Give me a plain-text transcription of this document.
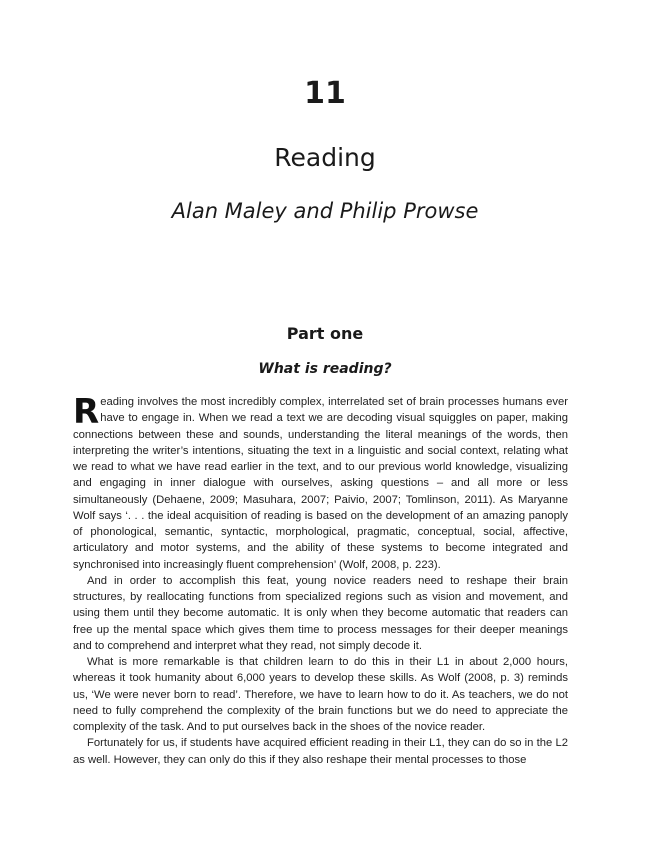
11
Reading
Alan Maley and Philip Prowse
Part one
What is reading?

Reading involves the most incredibly complex, interrelated set of brain processes humans ever have to engage in. When we read a text we are decoding visual squiggles on paper, making connections between these and sounds, understanding the literal meanings of the words, then interpreting the writer’s intentions, situating the text in a linguistic and social context, relating what we read to what we have read earlier in the text, and to our previous world knowledge, visualizing and engaging in inner dialogue with ourselves, asking questions – and all more or less simultaneously (Dehaene, 2009; Masuhara, 2007; Paivio, 2007; Tomlinson, 2011). As Maryanne Wolf says ‘. . . the ideal acquisition of reading is based on the development of an amazing panoply of phonological, semantic, syntactic, morphological, pragmatic, conceptual, social, affective, articulatory and motor systems, and the ability of these systems to become integrated and synchronised into increasingly fluent comprehension’ (Wolf, 2008, p. 223).

And in order to accomplish this feat, young novice readers need to reshape their brain structures, by reallocating functions from specialized regions such as vision and movement, and using them until they become automatic. It is only when they become automatic that readers can free up the mental space which gives them time to process messages for their deeper meanings and to comprehend and interpret what they read, not simply decode it.

What is more remarkable is that children learn to do this in their L1 in about 2,000 hours, whereas it took humanity about 6,000 years to develop these skills. As Wolf (2008, p. 3) reminds us, ‘We were never born to read’. Therefore, we have to learn how to do it. As teachers, we do not need to fully comprehend the complexity of the brain functions but we do need to appreciate the complexity of the task. And to put ourselves back in the shoes of the novice reader.

Fortunately for us, if students have acquired efficient reading in their L1, they can do so in the L2 as well. However, they can only do this if they also reshape their mental processes to those
